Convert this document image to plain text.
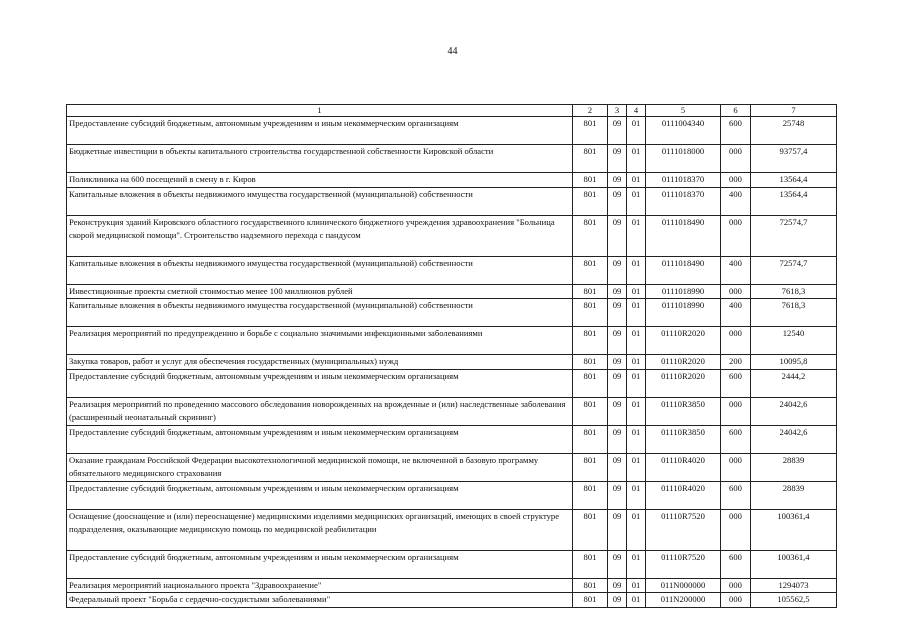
44
1	2	3	4	5	6	7
Предоставление субсидий бюджетным, автономным учреждениям и иным некоммерческим организациям	801	09	01	0111004340	600	25748
Бюджетные инвестиции в объекты капитального строительства государственной собственности Кировской области	801	09	01	0111018000	000	93757,4
Поликлиника на 600 посещений в смену в г. Киров	801	09	01	0111018370	000	13564,4
Капитальные вложения в объекты недвижимого имущества государственной (муниципальной) собственности	801	09	01	0111018370	400	13564,4
Реконструкция зданий Кировского областного государственного клинического бюджетного учреждения здравоохранения "Больница скорой медицинской помощи". Строительство надземного перехода с пандусом	801	09	01	0111018490	000	72574,7
Капитальные вложения в объекты недвижимого имущества государственной (муниципальной) собственности	801	09	01	0111018490	400	72574,7
Инвестиционные проекты сметной стоимостью менее 100 миллионов рублей	801	09	01	0111018990	000	7618,3
Капитальные вложения в объекты недвижимого имущества государственной (муниципальной) собственности	801	09	01	0111018990	400	7618,3
Реализация мероприятий по предупреждению и борьбе с социально значимыми инфекционными заболеваниями	801	09	01	01110R2020	000	12540
Закупка товаров, работ и услуг для обеспечения государственных (муниципальных) нужд	801	09	01	01110R2020	200	10095,8
Предоставление субсидий бюджетным, автономным учреждениям и иным некоммерческим организациям	801	09	01	01110R2020	600	2444,2
Реализация мероприятий по проведению массового обследования новорожденных на врожденные и (или) наследственные заболевания (расширенный неонатальный скрининг)	801	09	01	01110R3850	000	24042,6
Предоставление субсидий бюджетным, автономным учреждениям и иным некоммерческим организациям	801	09	01	01110R3850	600	24042,6
Оказание гражданам Российской Федерации высокотехнологичной медицинской помощи, не включенной в базовую программу обязательного медицинского страхования	801	09	01	01110R4020	000	28839
Предоставление субсидий бюджетным, автономным учреждениям и иным некоммерческим организациям	801	09	01	01110R4020	600	28839
Оснащение (дооснащение и (или) переоснащение) медицинскими изделиями медицинских организаций, имеющих в своей структуре подразделения, оказывающие медицинскую помощь по медицинской реабилитации	801	09	01	01110R7520	000	100361,4
Предоставление субсидий бюджетным, автономным учреждениям и иным некоммерческим организациям	801	09	01	01110R7520	600	100361,4
Реализация мероприятий национального проекта "Здравоохранение"	801	09	01	011N000000	000	1294073
Федеральный проект "Борьба с сердечно-сосудистыми заболеваниями"	801	09	01	011N200000	000	105562,5
